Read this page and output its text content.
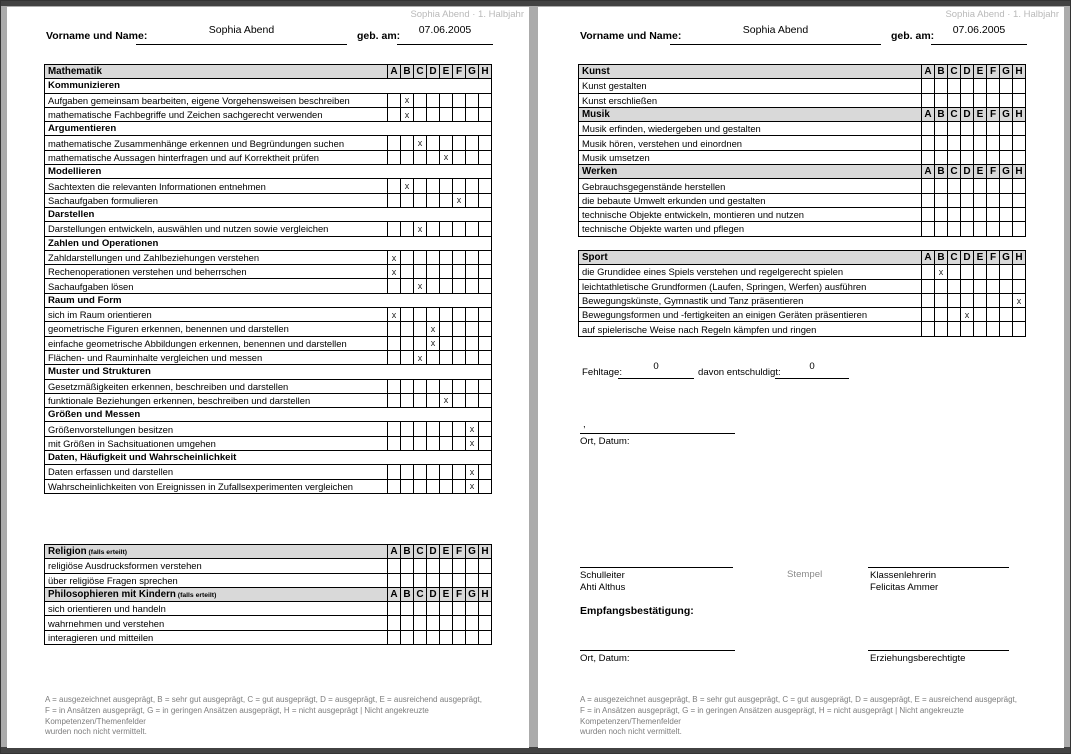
Sophia Abend · 1. Halbjahr
Vorname und Name:	Sophia Abend	geb. am:	07.06.2005
Mathematik	A	B	C	D	E	F	G	H
Kommunizieren								
Aufgaben gemeinsam bearbeiten, eigene Vorgehensweisen beschreiben		x						
mathematische Fachbegriffe und Zeichen sachgerecht verwenden		x						
Argumentieren								
mathematische Zusammenhänge erkennen und Begründungen suchen			x					
mathematische Aussagen hinterfragen und auf Korrektheit prüfen					x			
Modellieren								
Sachtexten die relevanten Informationen entnehmen		x						
Sachaufgaben formulieren						x		
Darstellen								
Darstellungen entwickeln, auswählen und nutzen sowie vergleichen			x					
Zahlen und Operationen								
Zahldarstellungen und Zahlbeziehungen verstehen	x							
Rechenoperationen verstehen und beherrschen	x							
Sachaufgaben lösen			x					
Raum und Form								
sich im Raum orientieren	x							
geometrische Figuren erkennen, benennen und darstellen				x				
einfache geometrische Abbildungen erkennen, benennen und darstellen				x				
Flächen- und Rauminhalte vergleichen und messen			x					
Muster und Strukturen								
Gesetzmäßigkeiten erkennen, beschreiben und darstellen								
funktionale Beziehungen erkennen, beschreiben und darstellen					x			
Größen und Messen								
Größenvorstellungen besitzen							x	
mit Größen in Sachsituationen umgehen							x	
Daten, Häufigkeit und Wahrscheinlichkeit								
Daten erfassen und darstellen							x	
Wahrscheinlichkeiten von Ereignissen in Zufallsexperimenten vergleichen							x	
Religion (falls erteilt)	A	B	C	D	E	F	G	H
religiöse Ausdrucksformen verstehen								
über religiöse Fragen sprechen								
Philosophieren mit Kindern (falls erteilt)	A	B	C	D	E	F	G	H
sich orientieren und handeln								
wahrnehmen und verstehen								
interagieren und mitteilen								
A = ausgezeichnet ausgeprägt, B = sehr gut ausgeprägt, C = gut ausgeprägt, D = ausgeprägt, E = ausreichend ausgeprägt,
F = in Ansätzen ausgeprägt, G = in geringen Ansätzen ausgeprägt, H = nicht ausgeprägt | Nicht angekreuzte Kompetenzen/Themenfelder
wurden noch nicht vermittelt.
Sophia Abend · 1. Halbjahr
Vorname und Name:	Sophia Abend	geb. am:	07.06.2005
Kunst	A	B	C	D	E	F	G	H
Kunst gestalten								
Kunst erschließen								
Musik	A	B	C	D	E	F	G	H
Musik erfinden, wiedergeben und gestalten								
Musik hören, verstehen und einordnen								
Musik umsetzen								
Werken	A	B	C	D	E	F	G	H
Gebrauchsgegenstände herstellen								
die bebaute Umwelt erkunden und gestalten								
technische Objekte entwickeln, montieren und nutzen								
technische Objekte warten und pflegen								
Sport	A	B	C	D	E	F	G	H
die Grundidee eines Spiels verstehen und regelgerecht spielen		x						
leichtathletische Grundformen (Laufen, Springen, Werfen) ausführen								
Bewegungskünste, Gymnastik und Tanz präsentieren								x
Bewegungsformen und -fertigkeiten an einigen Geräten präsentieren				x				
auf spielerische Weise nach Regeln kämpfen und ringen								
Fehltage:
0
davon entschuldigt:
0
,
Ort, Datum:
Stempel
Schulleiter
Ahti Althus
Klassenlehrerin
Felicitas Ammer
Empfangsbestätigung:
Ort, Datum:	Erziehungsberechtigte
A = ausgezeichnet ausgeprägt, B = sehr gut ausgeprägt, C = gut ausgeprägt, D = ausgeprägt, E = ausreichend ausgeprägt,
F = in Ansätzen ausgeprägt, G = in geringen Ansätzen ausgeprägt, H = nicht ausgeprägt | Nicht angekreuzte Kompetenzen/Themenfelder
wurden noch nicht vermittelt.
